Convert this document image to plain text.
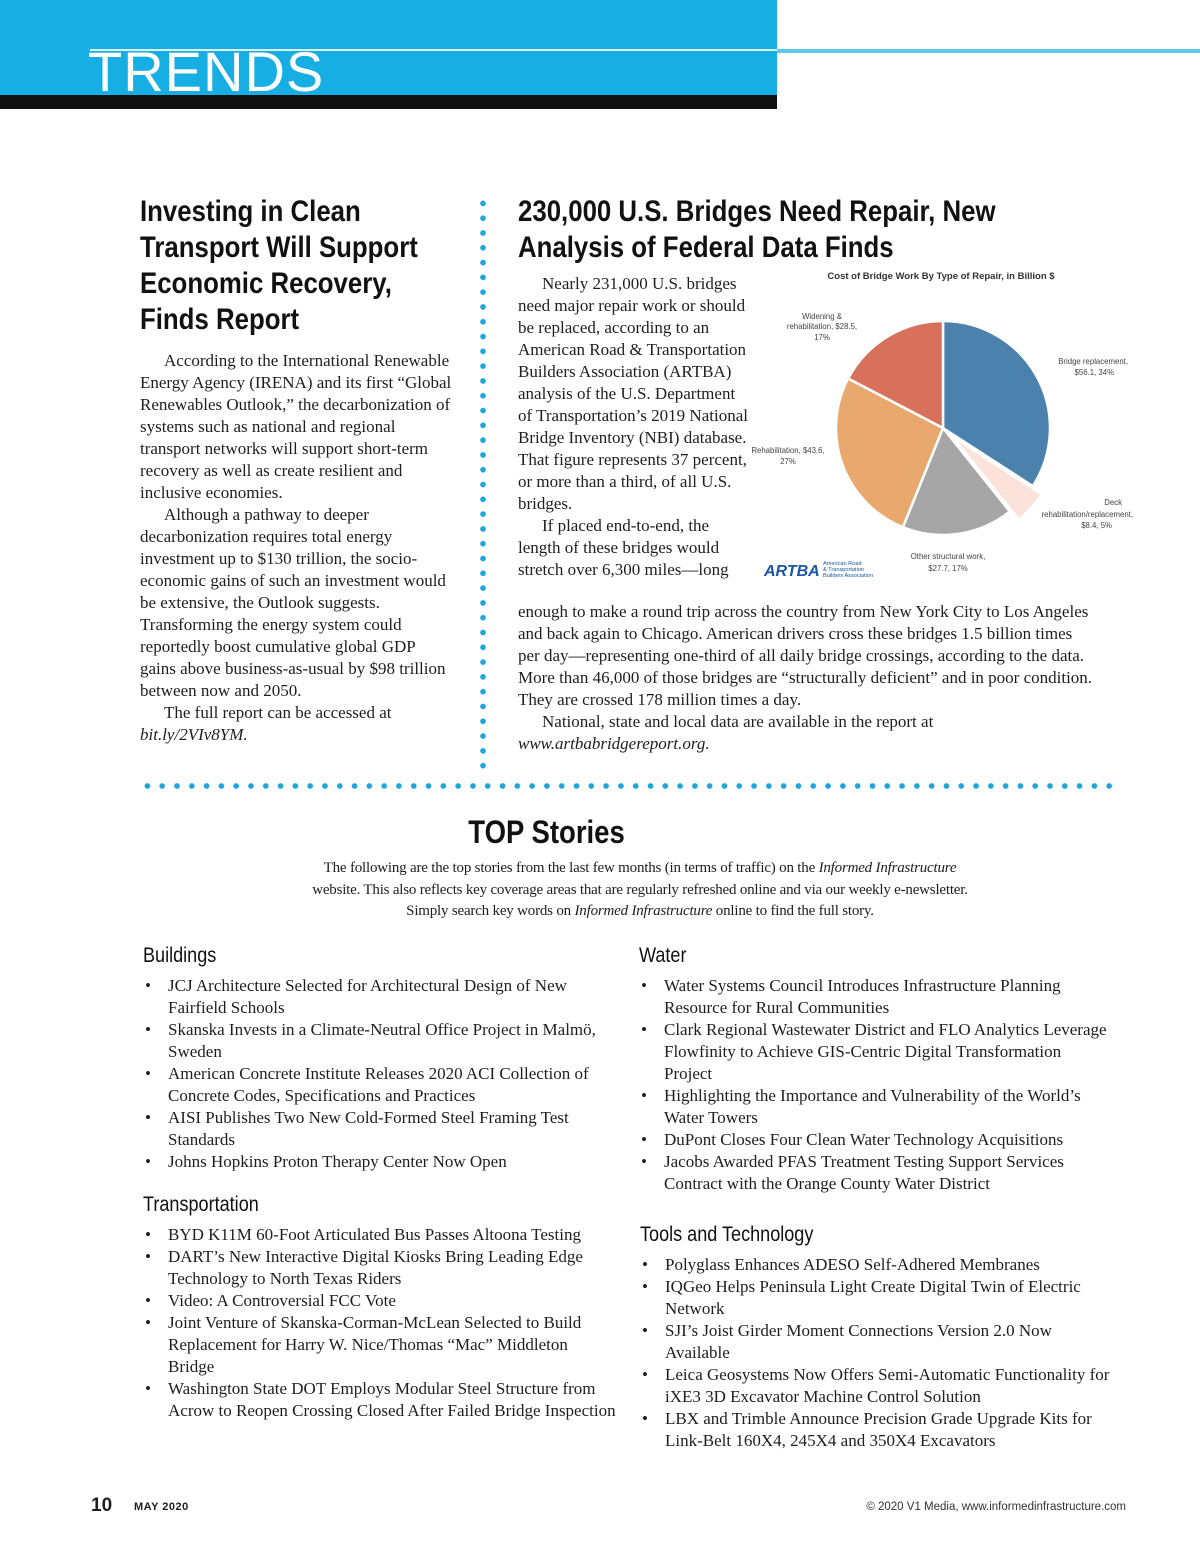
TRENDS
Investing in Clean Transport Will Support Economic Recovery, Finds Report
According to the International Renewable Energy Agency (IRENA) and its first “Global Renewables Outlook,” the decarbonization of systems such as national and regional transport networks will support short-term recovery as well as create resilient and inclusive economies.
Although a pathway to deeper decarbonization requires total energy investment up to $130 trillion, the socio-economic gains of such an investment would be extensive, the Outlook suggests. Transforming the energy system could reportedly boost cumulative global GDP gains above business-as-usual by $98 trillion between now and 2050.
The full report can be accessed at bit.ly/2VIv8YM.
230,000 U.S. Bridges Need Repair, New Analysis of Federal Data Finds
Nearly 231,000 U.S. bridges need major repair work or should be replaced, according to an American Road & Transportation Builders Association (ARTBA) analysis of the U.S. Department of Transportation’s 2019 National Bridge Inventory (NBI) database. That figure represents 37 percent, or more than a third, of all U.S. bridges.
If placed end-to-end, the length of these bridges would stretch over 6,300 miles—long
enough to make a round trip across the country from New York City to Los Angeles and back again to Chicago. American drivers cross these bridges 1.5 billion times per day—representing one-third of all daily bridge crossings, according to the data. More than 46,000 of those bridges are “structurally deficient” and in poor condition. They are crossed 178 million times a day.
National, state and local data are available in the report at www.artbabridgereport.org.
Cost of Bridge Work By Type of Repair, in Billion $
Bridge replacement,
$56.1, 34%
Deck
rehabilitation/replacement,
$8.4, 5%
Other structural work,
$27.7, 17%
Rehabilitation, $43.6,
27%
Widening &
rehabilitation, $28.5,
17%
ARTBA American Road
& Transportation
Builders Association
TOP Stories

The following are the top stories from the last few months (in terms of traffic) on the Informed Infrastructure website. This also reflects key coverage areas that are regularly refreshed online and via our weekly e-newsletter. Simply search key words on Informed Infrastructure online to find the full story.

Buildings
• JCJ Architecture Selected for Architectural Design of New Fairfield Schools
• Skanska Invests in a Climate-Neutral Office Project in Malmö, Sweden
• American Concrete Institute Releases 2020 ACI Collection of Concrete Codes, Specifications and Practices
• AISI Publishes Two New Cold-Formed Steel Framing Test Standards
• Johns Hopkins Proton Therapy Center Now Open
Transportation
• BYD K11M 60-Foot Articulated Bus Passes Altoona Testing
• DART’s New Interactive Digital Kiosks Bring Leading Edge Technology to North Texas Riders
• Video: A Controversial FCC Vote
• Joint Venture of Skanska-Corman-McLean Selected to Build Replacement for Harry W. Nice/Thomas “Mac” Middleton Bridge
• Washington State DOT Employs Modular Steel Structure from Acrow to Reopen Crossing Closed After Failed Bridge Inspection
Water
• Water Systems Council Introduces Infrastructure Planning Resource for Rural Communities
• Clark Regional Wastewater District and FLO Analytics Leverage Flowfinity to Achieve GIS-Centric Digital Transformation Project
• Highlighting the Importance and Vulnerability of the World’s Water Towers
• DuPont Closes Four Clean Water Technology Acquisitions
• Jacobs Awarded PFAS Treatment Testing Support Services Contract with the Orange County Water District
Tools and Technology
• Polyglass Enhances ADESO Self-Adhered Membranes
• IQGeo Helps Peninsula Light Create Digital Twin of Electric Network
• SJI’s Joist Girder Moment Connections Version 2.0 Now Available
• Leica Geosystems Now Offers Semi-Automatic Functionality for iXE3 3D Excavator Machine Control Solution
• LBX and Trimble Announce Precision Grade Upgrade Kits for Link-Belt 160X4, 245X4 and 350X4 Excavators
10 MAY 2020	© 2020 V1 Media, www.informedinfrastructure.com
